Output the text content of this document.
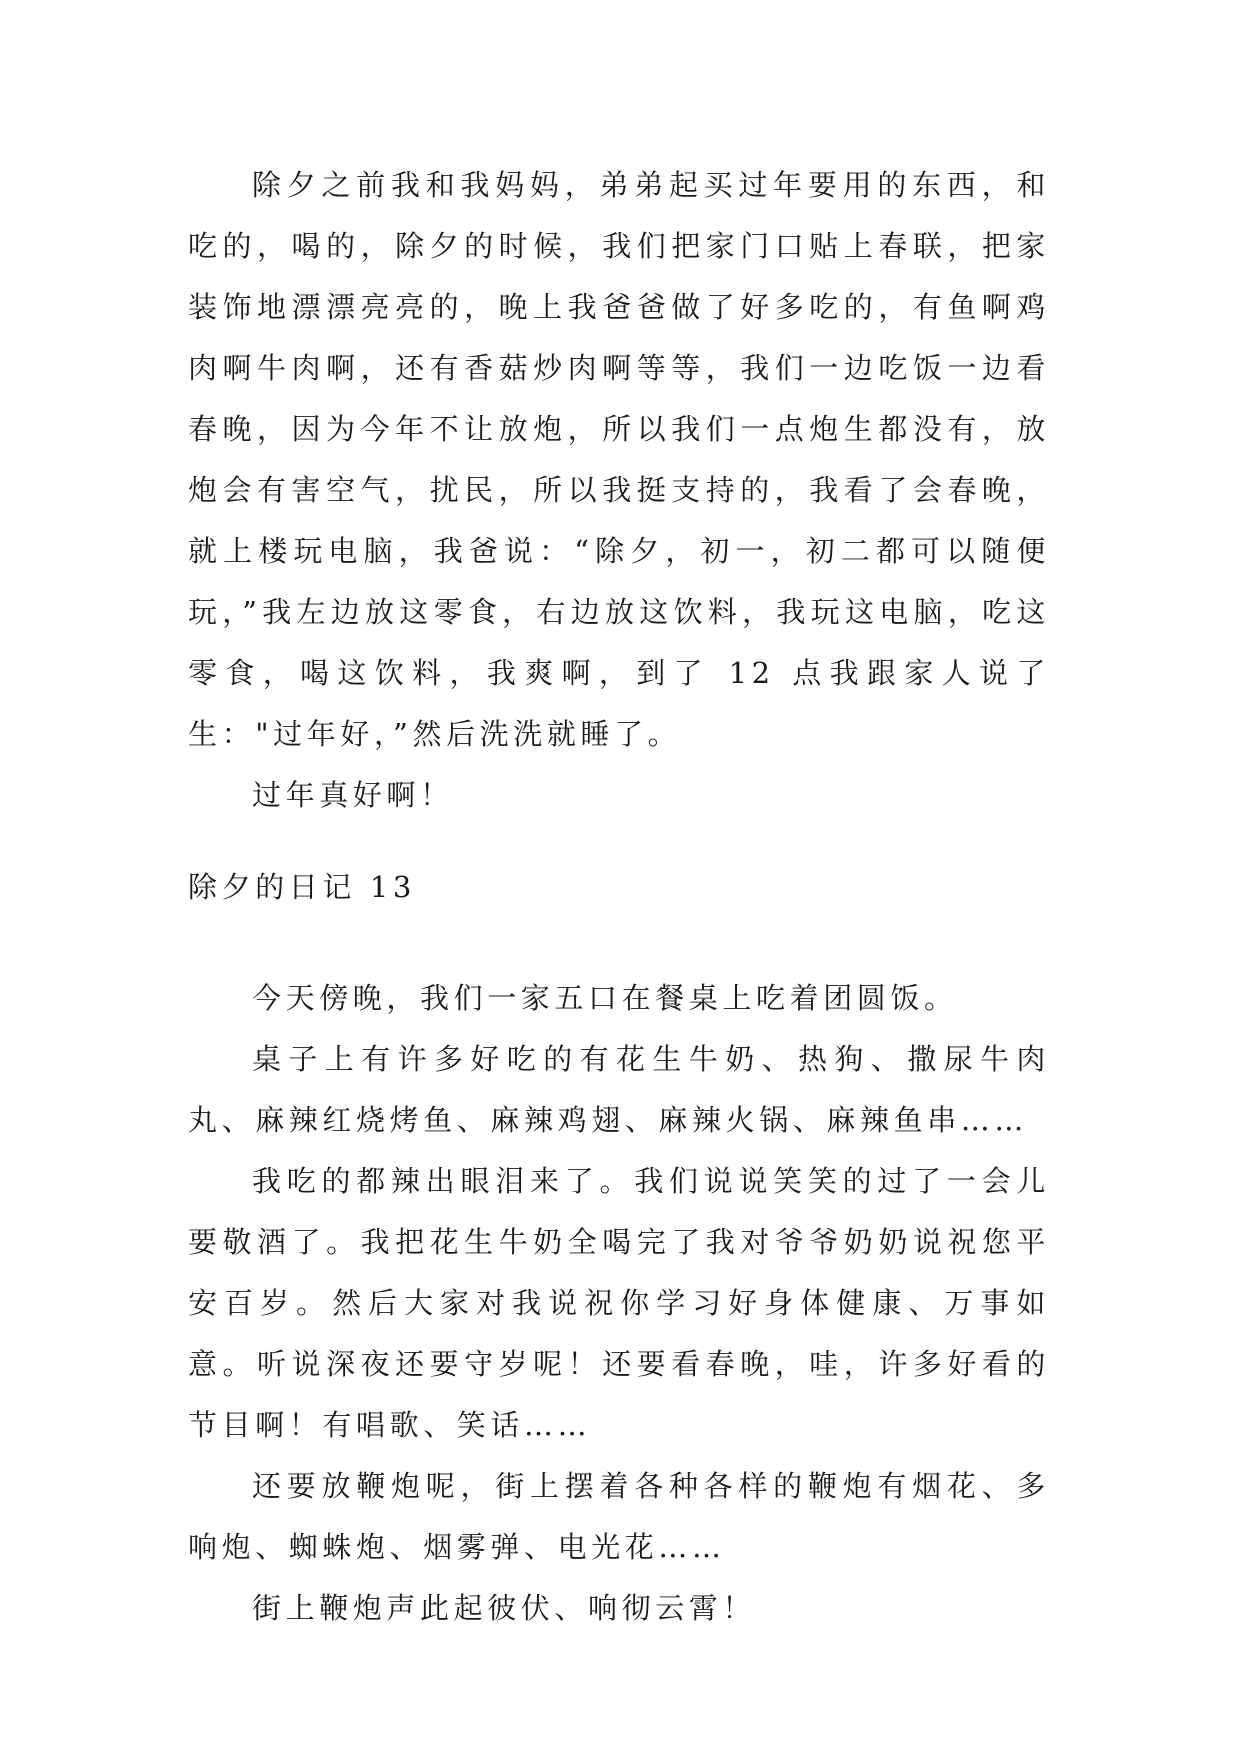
除夕之前我和我妈妈，弟弟起买过年要用的东西，和吃的，喝的，除夕的时候，我们把家门口贴上春联，把家装饰地漂漂亮亮的，晚上我爸爸做了好多吃的，有鱼啊鸡肉啊牛肉啊，还有香菇炒肉啊等等，我们一边吃饭一边看春晚，因为今年不让放炮，所以我们一点炮生都没有，放炮会有害空气，扰民，所以我挺支持的，我看了会春晚，就上楼玩电脑，我爸说：“除夕，初一，初二都可以随便玩，”我左边放这零食，右边放这饮料，我玩这电脑，吃这零食，喝这饮料，我爽啊，到了 12 点我跟家人说了生："过年好，”然后洗洗就睡了。

过年真好啊！

除夕的日记 13

今天傍晚，我们一家五口在餐桌上吃着团圆饭。

桌子上有许多好吃的有花生牛奶、热狗、撒尿牛肉丸、麻辣红烧烤鱼、麻辣鸡翅、麻辣火锅、麻辣鱼串……

我吃的都辣出眼泪来了。我们说说笑笑的过了一会儿要敬酒了。我把花生牛奶全喝完了我对爷爷奶奶说祝您平安百岁。然后大家对我说祝你学习好身体健康、万事如意。听说深夜还要守岁呢！还要看春晚，哇，许多好看的节目啊！有唱歌、笑话……

还要放鞭炮呢，街上摆着各种各样的鞭炮有烟花、多响炮、蜘蛛炮、烟雾弹、电光花……

街上鞭炮声此起彼伏、响彻云霄！
